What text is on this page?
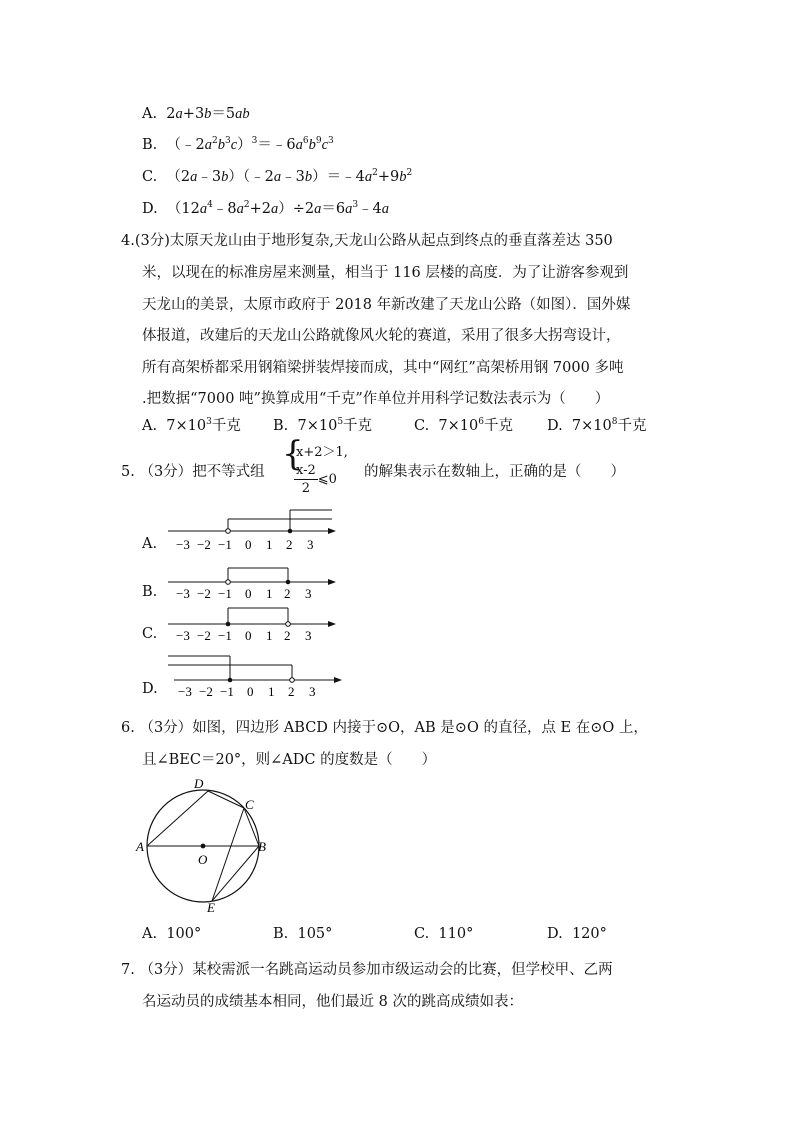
A.  2a+3b＝5ab
B.  $(﹣2a^2b^3c)^3=﹣6a^6b^9c^3$
C.  $(2a﹣3b)(﹣2a﹣3b)=﹣4a^2+9b^2$
D.  $(12a^4﹣8a^2+2a)\div 2a=6a^3﹣4a$
4.(3分)太原天龙山由于地形复杂,天龙山公路从起点到终点的垂直落差达 350
米，以现在的标准房屋来测量，相当于 116 层楼的高度．为了让游客参观到
天龙山的美景，太原市政府于 2018 年新改建了天龙山公路（如图）．国外媒
体报道，改建后的天龙山公路就像风火轮的赛道，采用了很多大拐弯设计，
所有高架桥都采用钢箱梁拼装焊接而成，其中“网红”高架桥用钢 7000 多吨
.把数据“7000 吨”换算成用“千克”作单位并用科学记数法表示为（　　）
A.  $7\times 10^3$千克 B.  $7\times 10^5$千克	C.  $7\times 10^6$千克 D.  $7\times 10^8$千克
5. （3分）把不等式组 {
x+2＞1,
$\frac{x-2}{2}$ ⩽0 的解集表示在数轴上，正确的是（　　）
A. −3 −2 −1 0 1 2 3
B. −3 −2 −1 0 1 2 3
C. −3 −2 −1 0 1 2 3
D. −3 −2 −1 0 1 2 3
6. （3分）如图，四边形 ABCD 内接于⊙O，AB 是⊙O 的直径，点 E 在⊙O 上，
且∠BEC＝20°，则∠ADC 的度数是（　　）
A	B
C
D
E
O
A. 100°	B. 105°	C. 110°	D. 120°
7. （3分）某校需派一名跳高运动员参加市级运动会的比赛，但学校甲、乙两
名运动员的成绩基本相同，他们最近 8 次的跳高成绩如表：
